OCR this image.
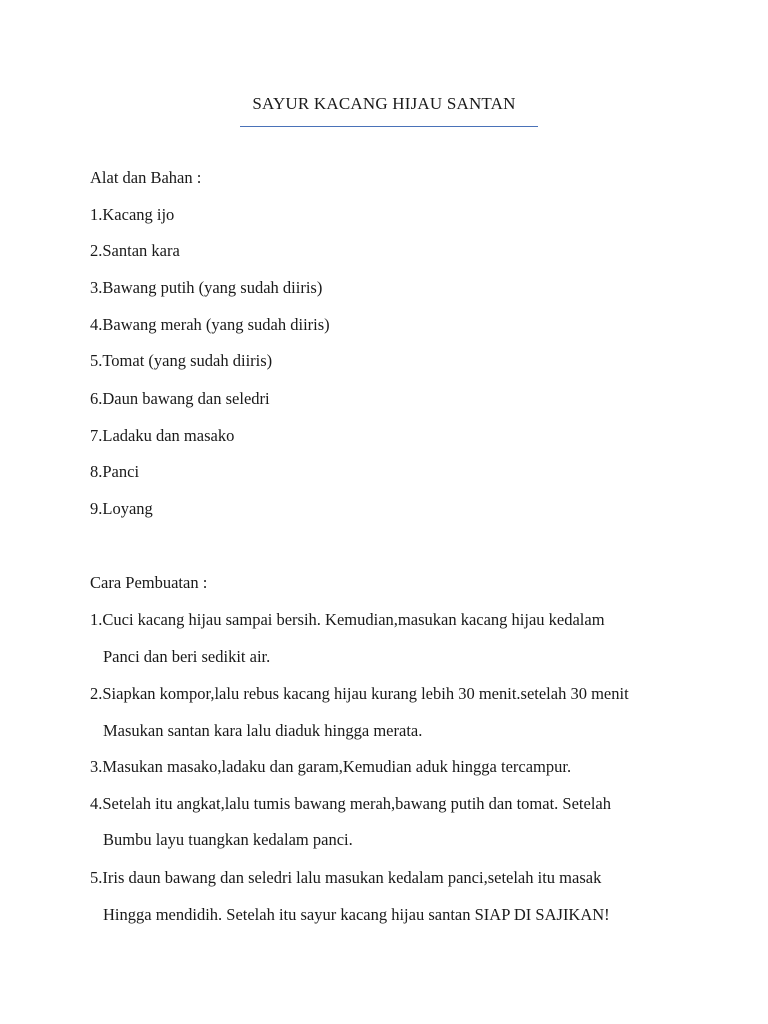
SAYUR KACANG HIJAU SANTAN
Alat dan Bahan :
1.Kacang ijo
2.Santan kara
3.Bawang putih (yang sudah diiris)
4.Bawang merah (yang sudah diiris)
5.Tomat (yang sudah diiris)
6.Daun bawang dan seledri
7.Ladaku dan masako
8.Panci
9.Loyang
Cara Pembuatan :
1.Cuci kacang hijau sampai bersih. Kemudian,masukan kacang hijau kedalam
Panci dan beri sedikit air.
2.Siapkan kompor,lalu rebus kacang hijau kurang lebih 30 menit.setelah 30 menit
Masukan santan kara lalu diaduk hingga merata.
3.Masukan masako,ladaku dan garam,Kemudian aduk hingga tercampur.
4.Setelah itu angkat,lalu tumis bawang merah,bawang putih dan tomat. Setelah
Bumbu layu tuangkan kedalam panci.
5.Iris daun bawang dan seledri lalu masukan kedalam panci,setelah itu masak
Hingga mendidih. Setelah itu sayur kacang hijau santan SIAP DI SAJIKAN!
